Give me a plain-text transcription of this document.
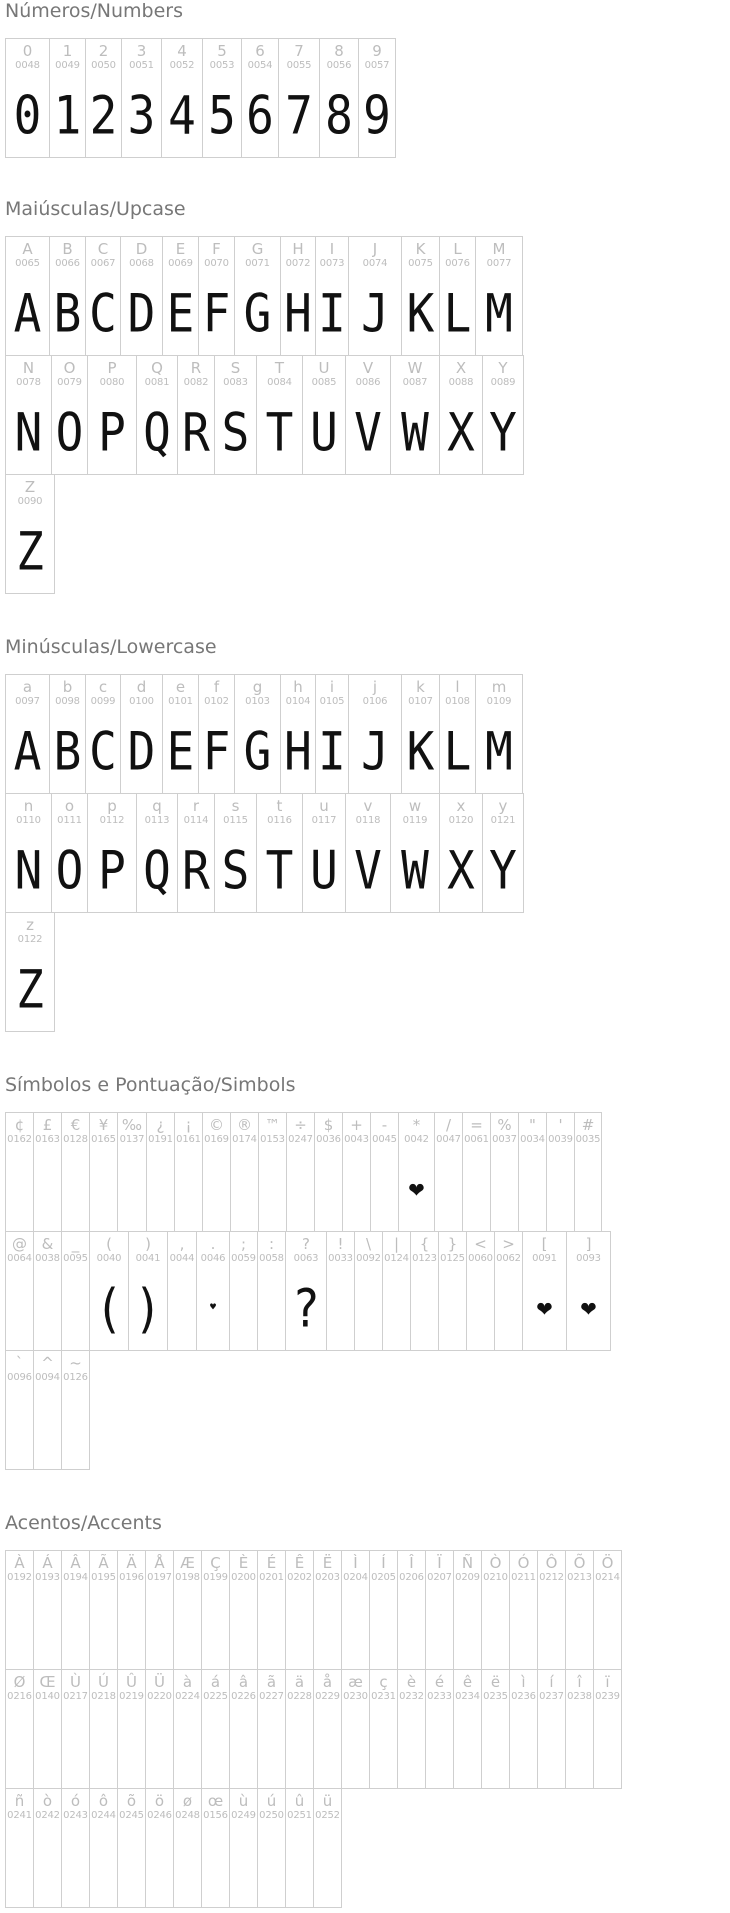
Números/Numbers
0
0048
0
1
0049
1
2
0050
2
3
0051
3
4
0052
4
5
0053
5
6
0054
6
7
0055
7
8
0056
8
9
0057
9
Maiúsculas/Upcase
A
0065
A
B
0066
B
C
0067
C
D
0068
D
E
0069
E
F
0070
F
G
0071
G
H
0072
H
I
0073
I
J
0074
J
K
0075
K
L
0076
L
M
0077
M
N
0078
N
O
0079
O
P
0080
P
Q
0081
Q
R
0082
R
S
0083
S
T
0084
T
U
0085
U
V
0086
V
W
0087
W
X
0088
X
Y
0089
Y
Z
0090
Z
Minúsculas/Lowercase
a
0097
A
b
0098
B
c
0099
C
d
0100
D
e
0101
E
f
0102
F
g
0103
G
h
0104
H
i
0105
I
j
0106
J
k
0107
K
l
0108
L
m
0109
M
n
0110
N
o
0111
O
p
0112
P
q
0113
Q
r
0114
R
s
0115
S
t
0116
T
u
0117
U
v
0118
V
w
0119
W
x
0120
X
y
0121
Y
z
0122
Z
Símbolos e Pontuação/Simbols
¢
0162
£
0163
€
0128
¥
0165
‰
0137
¿
0191
¡
0161
©
0169
®
0174
™
0153
÷
0247
$
0036
+
0043
-
0045
*
0042
❤
/
0047
=
0061
%
0037
"
0034
'
0039
#
0035
@
0064
&
0038
_
0095
(
0040
(
)
0041
)
,
0044
.
0046
♥
;
0059
:
0058
?
0063
?
!
0033
\
0092
|
0124
{
0123
}
0125
<
0060
>
0062
[
0091
❤
]
0093
❤
`
0096
^
0094
~
0126
Acentos/Accents
À
0192
Á
0193
Â
0194
Ã
0195
Ä
0196
Å
0197
Æ
0198
Ç
0199
È
0200
É
0201
Ê
0202
Ë
0203
Ì
0204
Í
0205
Î
0206
Ï
0207
Ñ
0209
Ò
0210
Ó
0211
Ô
0212
Õ
0213
Ö
0214
Ø
0216
Œ
0140
Ù
0217
Ú
0218
Û
0219
Ü
0220
à
0224
á
0225
â
0226
ã
0227
ä
0228
å
0229
æ
0230
ç
0231
è
0232
é
0233
ê
0234
ë
0235
ì
0236
í
0237
î
0238
ï
0239
ñ
0241
ò
0242
ó
0243
ô
0244
õ
0245
ö
0246
ø
0248
œ
0156
ù
0249
ú
0250
û
0251
ü
0252
